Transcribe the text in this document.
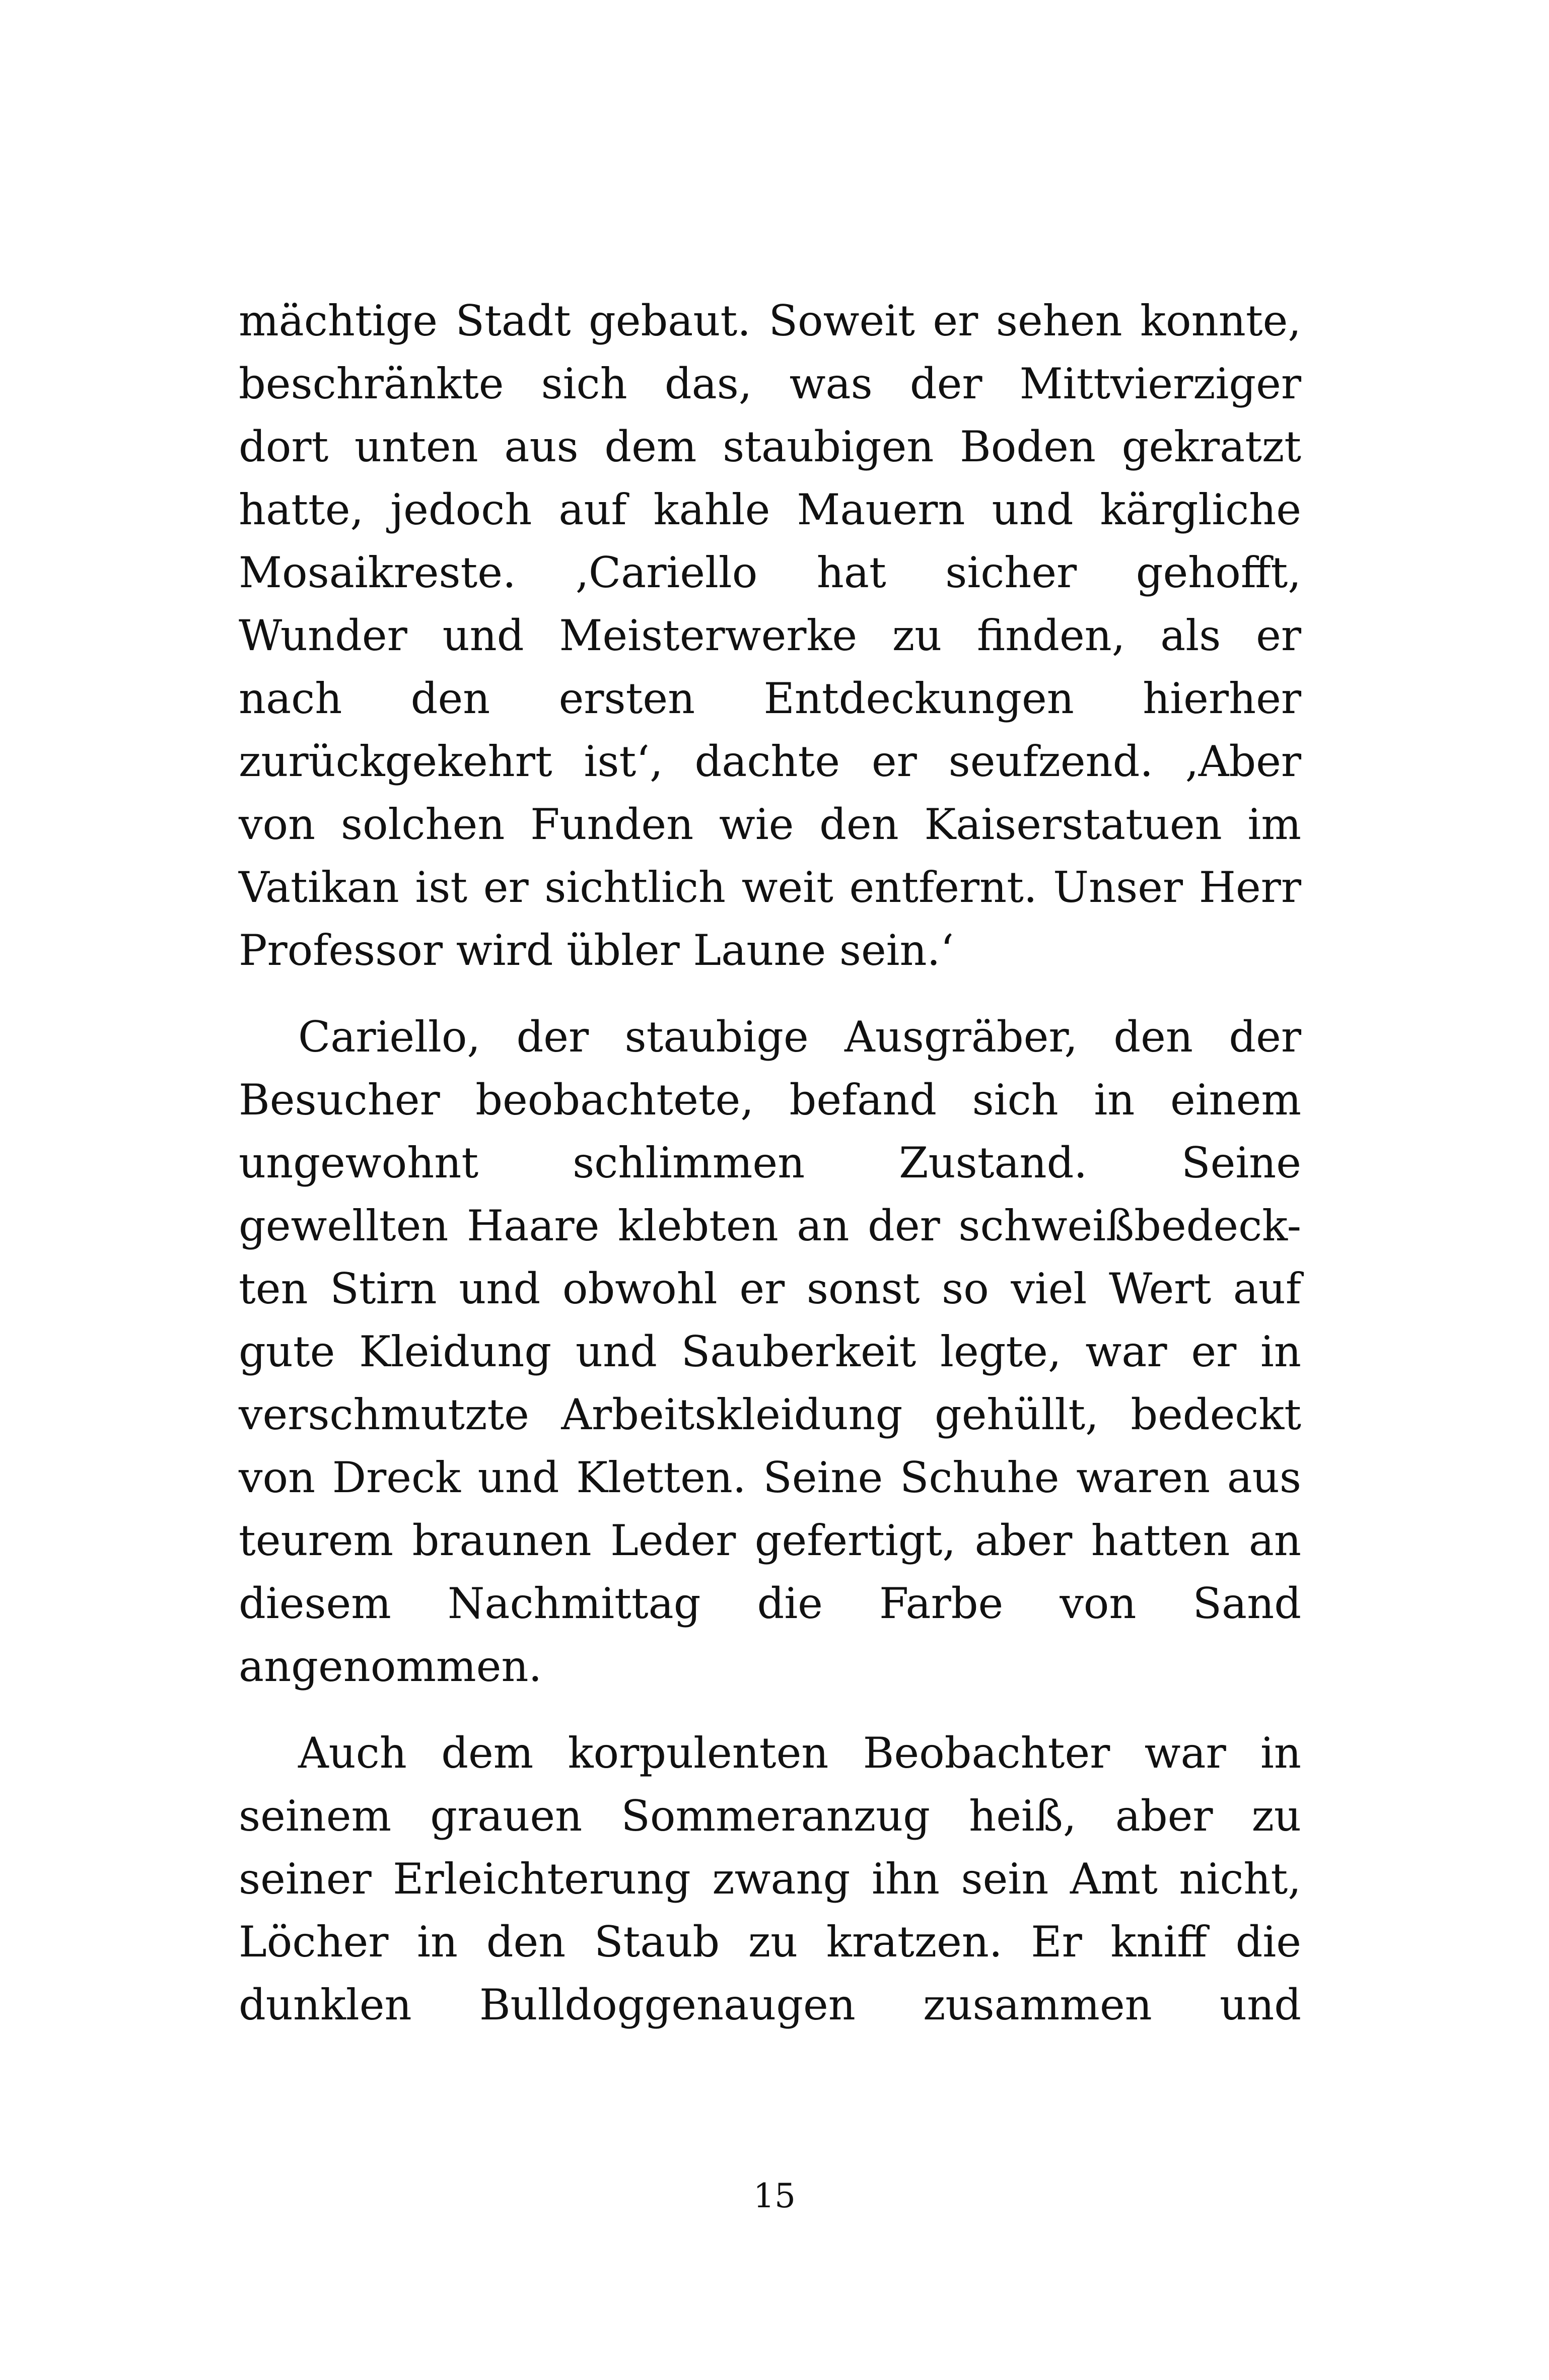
mächtige Stadt gebaut. Soweit er sehen konnte,
beschränkte sich das, was der Mittvierziger
dort unten aus dem staubigen Boden gekratzt
hatte, jedoch auf kahle Mauern und kärgliche
Mosaikreste. ‚Cariello hat sicher gehofft,
Wunder und Meisterwerke zu finden, als er
nach den ersten Entdeckungen hierher
zurückgekehrt ist‘, dachte er seufzend. ‚Aber
von solchen Funden wie den Kaiserstatuen im
Vatikan ist er sichtlich weit entfernt. Unser Herr
Professor wird übler Laune sein.‘

Cariello, der staubige Ausgräber, den der
Besucher beobachtete, befand sich in einem
ungewohnt schlimmen Zustand. Seine
gewellten Haare klebten an der schweißbedeck-
ten Stirn und obwohl er sonst so viel Wert auf
gute Kleidung und Sauberkeit legte, war er in
verschmutzte Arbeitskleidung gehüllt, bedeckt
von Dreck und Kletten. Seine Schuhe waren aus
teurem braunen Leder gefertigt, aber hatten an
diesem Nachmittag die Farbe von Sand
angenommen.

Auch dem korpulenten Beobachter war in
seinem grauen Sommeranzug heiß, aber zu
seiner Erleichterung zwang ihn sein Amt nicht,
Löcher in den Staub zu kratzen. Er kniff die
dunklen Bulldoggenaugen zusammen und

15
